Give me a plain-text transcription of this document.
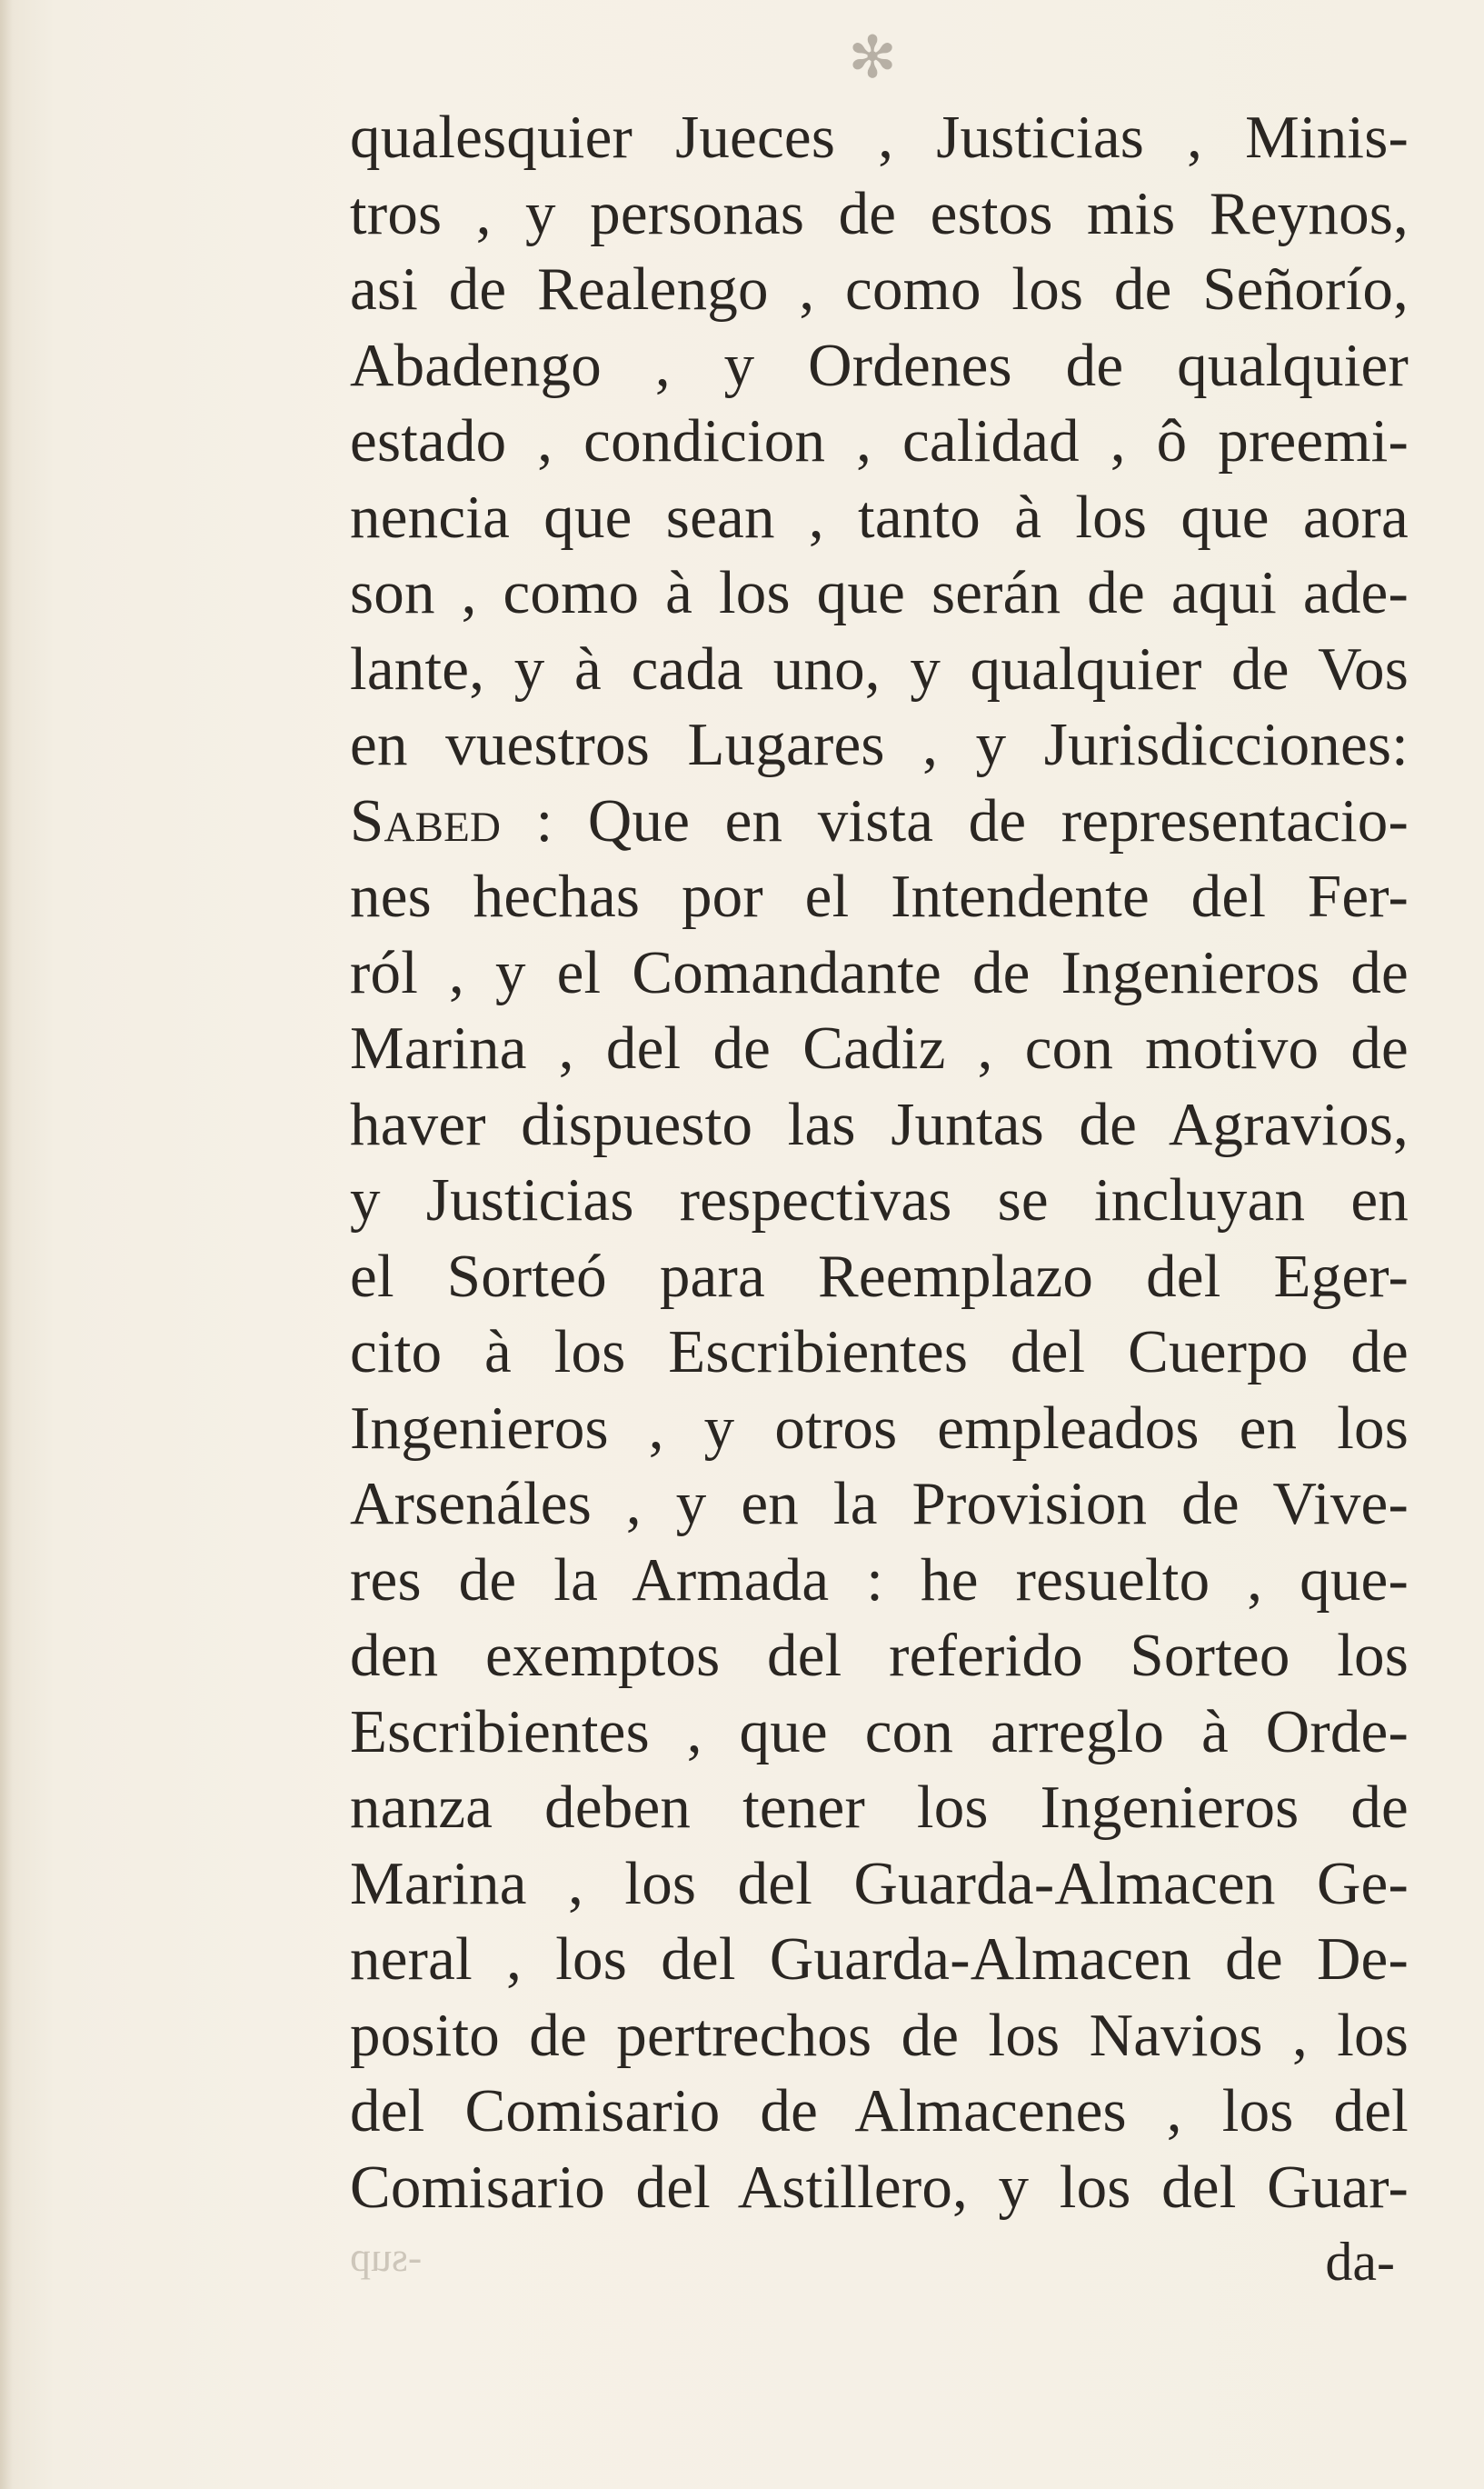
✻
qualesquier Jueces , Justicias , Minis-
tros , y personas de estos mis Reynos,
asi de Realengo , como los de Señorío,
Abadengo , y Ordenes de qualquier
estado , condicion , calidad , ô preemi-
nencia que sean , tanto à los que aora
son , como à los que serán de aqui ade-
lante, y à cada uno, y qualquier de Vos
en vuestros Lugares , y Jurisdicciones:
Sabed : Que en vista de representacio-
nes hechas por el Intendente del Fer-
ról , y el Comandante de Ingenieros de
Marina , del de Cadiz , con motivo de
haver dispuesto las Juntas de Agravios,
y Justicias respectivas se incluyan en
el Sorteó para Reemplazo del Eger-
cito à los Escribientes del Cuerpo de
Ingenieros , y otros empleados en los
Arsenáles , y en la Provision de Vive-
res de la Armada : he resuelto , que-
den exemptos del referido Sorteo los
Escribientes , que con arreglo à Orde-
nanza deben tener los Ingenieros de
Marina , los del Guarda-Almacen Ge-
neral , los del Guarda-Almacen de De-
posito de pertrechos de los Navios , los
del Comisario de Almacenes , los del
Comisario del Astillero, y los del Guar-
-sup	da-
